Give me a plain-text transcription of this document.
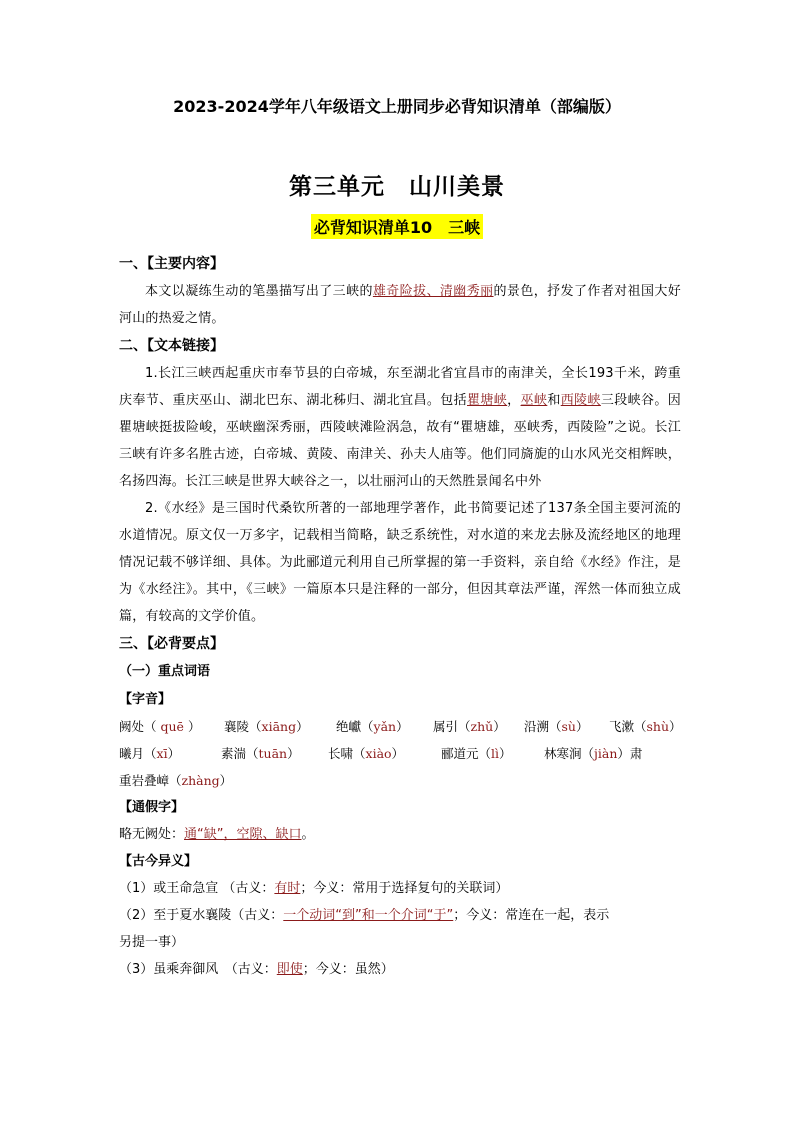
2023-2024学年八年级语文上册同步必背知识清单（部编版）
第三单元　山川美景
必背知识清单10　三峡
一、【主要内容】
本文以凝练生动的笔墨描写出了三峡的雄奇险拔、清幽秀丽的景色，抒发了作者对祖国大好河山的热爱之情。
二、【文本链接】
1.长江三峡西起重庆市奉节县的白帝城，东至湖北省宜昌市的南津关，全长193千米，跨重庆奉节、重庆巫山、湖北巴东、湖北秭归、湖北宜昌。包括瞿塘峡，巫峡和西陵峡三段峡谷。因瞿塘峡挺拔险峻，巫峡幽深秀丽，西陵峡滩险涡急，故有“瞿塘雄，巫峡秀，西陵险”之说。长江三峡有许多名胜古迹，白帝城、黄陵、南津关、孙夫人庙等。他们同旖旎的山水风光交相辉映，名扬四海。长江三峡是世界大峡谷之一，以壮丽河山的天然胜景闻名中外
2.《水经》是三国时代桑钦所著的一部地理学著作，此书简要记述了137条全国主要河流的水道情况。原文仅一万多字，记载相当简略，缺乏系统性，对水道的来龙去脉及流经地区的地理情况记载不够详细、具体。为此郦道元利用自己所掌握的第一手资料，亲自给《水经》作注，是为《水经注》。其中，《三峡》一篇原本只是注释的一部分，但因其章法严谨，浑然一体而独立成篇，有较高的文学价值。
三、【必背要点】
（一）重点词语
【字音】
阙处（ quē ） 襄陵（xiāng） 绝巘（yǎn） 属引（zhǔ） 沿溯（sù） 飞漱（shù）
曦月（xī）	素湍（tuān） 长啸（xiào）	郦道元（lì）	林寒涧（jiàn）肃
重岩叠嶂（zhàng）
【通假字】
略无阙处：通“缺”，空隙、缺口。
【古今异义】
（1）或王命急宣 （古义：有时；今义：常用于选择复句的关联词）
（2）至于夏水襄陵（古义：一个动词“到”和一个介词“于”；今义：常连在一起，表示
另提一事）
（3）虽乘奔御风　（古义：即使；今义：虽然）
